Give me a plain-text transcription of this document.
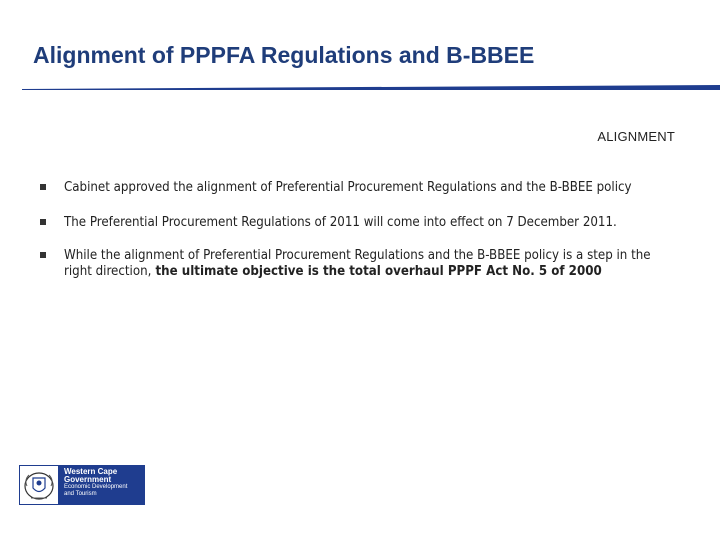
Alignment of PPPFA Regulations and B-BBEE
ALIGNMENT
Cabinet approved the alignment of Preferential Procurement Regulations and the B-BBEE policy
The Preferential Procurement Regulations of 2011 will come into effect on 7 December 2011.
While the alignment of Preferential Procurement Regulations and the B-BBEE policy is a step in the right direction, the ultimate objective is the total overhaul PPPF Act No. 5 of 2000
Western Cape
Government
Economic Development
and Tourism
